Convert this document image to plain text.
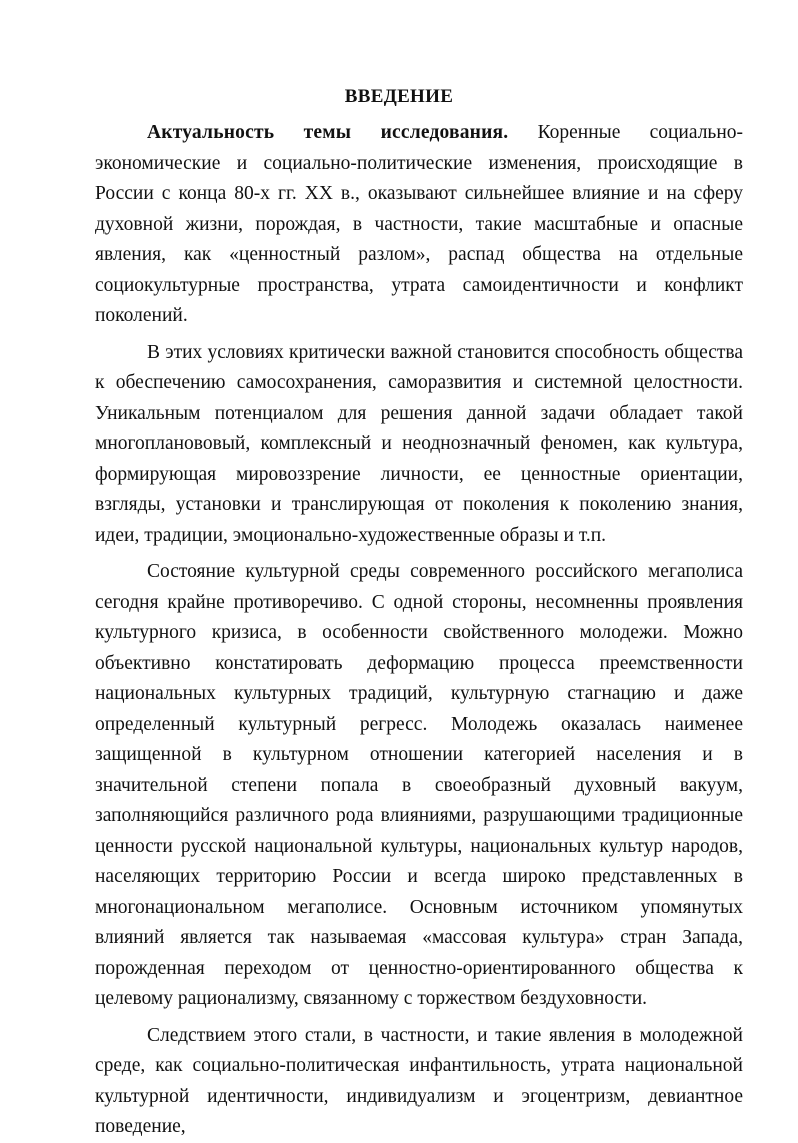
ВВЕДЕНИЕ

Актуальность темы исследования. Коренные социально-экономические и социально-политические изменения, происходящие в России с конца 80-х гг. XX в., оказывают сильнейшее влияние и на сферу духовной жизни, порождая, в частности, такие масштабные и опасные явления, как «ценностный разлом», распад общества на отдельные социокультурные пространства, утрата самоидентичности и конфликт поколений.

В этих условиях критически важной становится способность общества к обеспечению самосохранения, саморазвития и системной целостности. Уникальным потенциалом для решения данной задачи обладает такой многопланововый, комплексный и неоднозначный феномен, как культура, формирующая мировоззрение личности, ее ценностные ориентации, взгляды, установки и транслирующая от поколения к поколению знания, идеи, традиции, эмоционально-художественные образы и т.п.

Состояние культурной среды современного российского мегаполиса сегодня крайне противоречиво. С одной стороны, несомненны проявления культурного кризиса, в особенности свойственного молодежи. Можно объективно констатировать деформацию процесса преемственности национальных культурных традиций, культурную стагнацию и даже определенный культурный регресс. Молодежь оказалась наименее защищенной в культурном отношении категорией населения и в значительной степени попала в своеобразный духовный вакуум, заполняющийся различного рода влияниями, разрушающими традиционные ценности русской национальной культуры, национальных культур народов, населяющих территорию России и всегда широко представленных в многонациональном мегаполисе. Основным источником упомянутых влияний является так называемая «массовая культура» стран Запада, порожденная переходом от ценностно-ориентированного общества к целевому рационализму, связанному с торжеством бездуховности.

Следствием этого стали, в частности, и такие явления в молодежной среде, как социально-политическая инфантильность, утрата национальной культурной идентичности, индивидуализм и эгоцентризм, девиантное поведение,
